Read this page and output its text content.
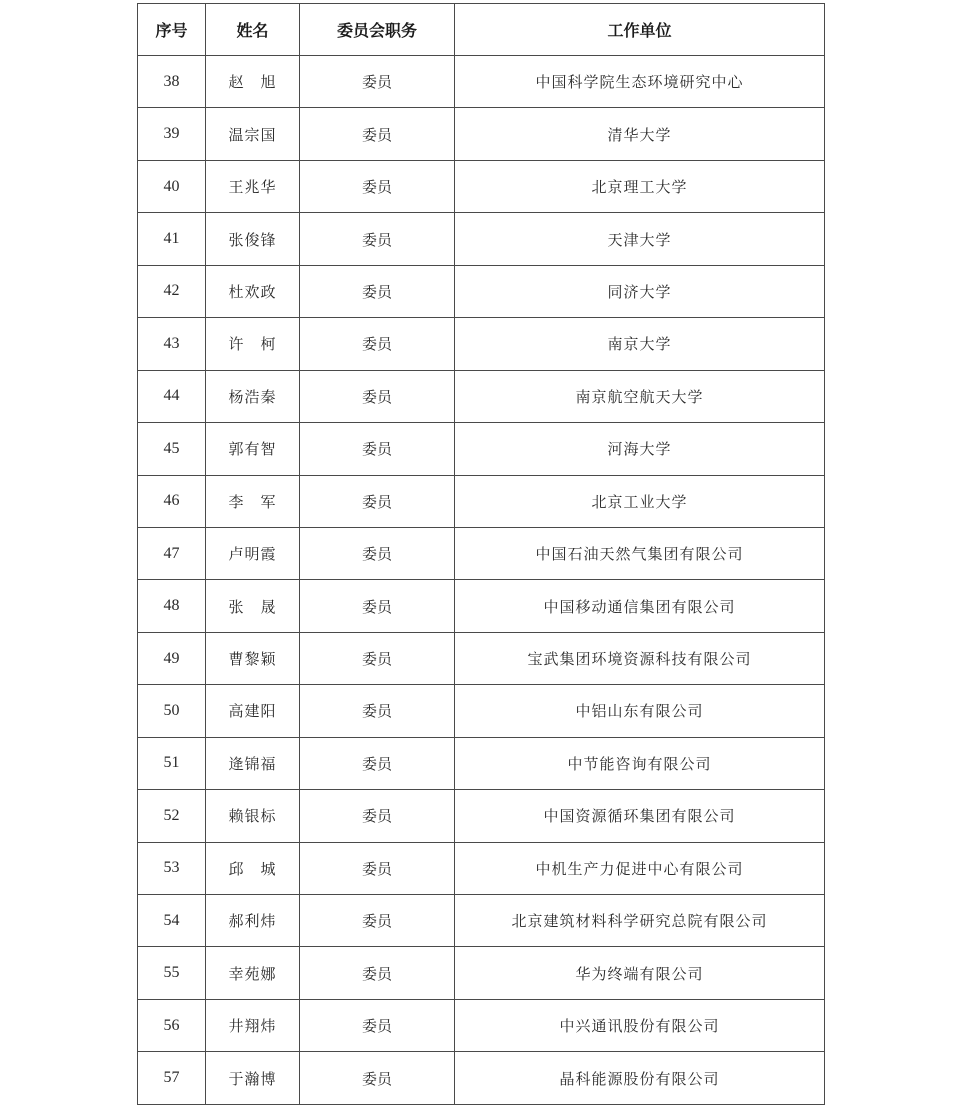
序号	姓名	委员会职务	工作单位
38	赵　旭	委员	中国科学院生态环境研究中心
39	温宗国	委员	清华大学
40	王兆华	委员	北京理工大学
41	张俊锋	委员	天津大学
42	杜欢政	委员	同济大学
43	许　柯	委员	南京大学
44	杨浩秦	委员	南京航空航天大学
45	郭有智	委员	河海大学
46	李　军	委员	北京工业大学
47	卢明霞	委员	中国石油天然气集团有限公司
48	张　晟	委员	中国移动通信集团有限公司
49	曹黎颖	委员	宝武集团环境资源科技有限公司
50	高建阳	委员	中铝山东有限公司
51	逄锦福	委员	中节能咨询有限公司
52	赖银标	委员	中国资源循环集团有限公司
53	邱　城	委员	中机生产力促进中心有限公司
54	郝利炜	委员	北京建筑材料科学研究总院有限公司
55	幸苑娜	委员	华为终端有限公司
56	井翔炜	委员	中兴通讯股份有限公司
57	于瀚博	委员	晶科能源股份有限公司
